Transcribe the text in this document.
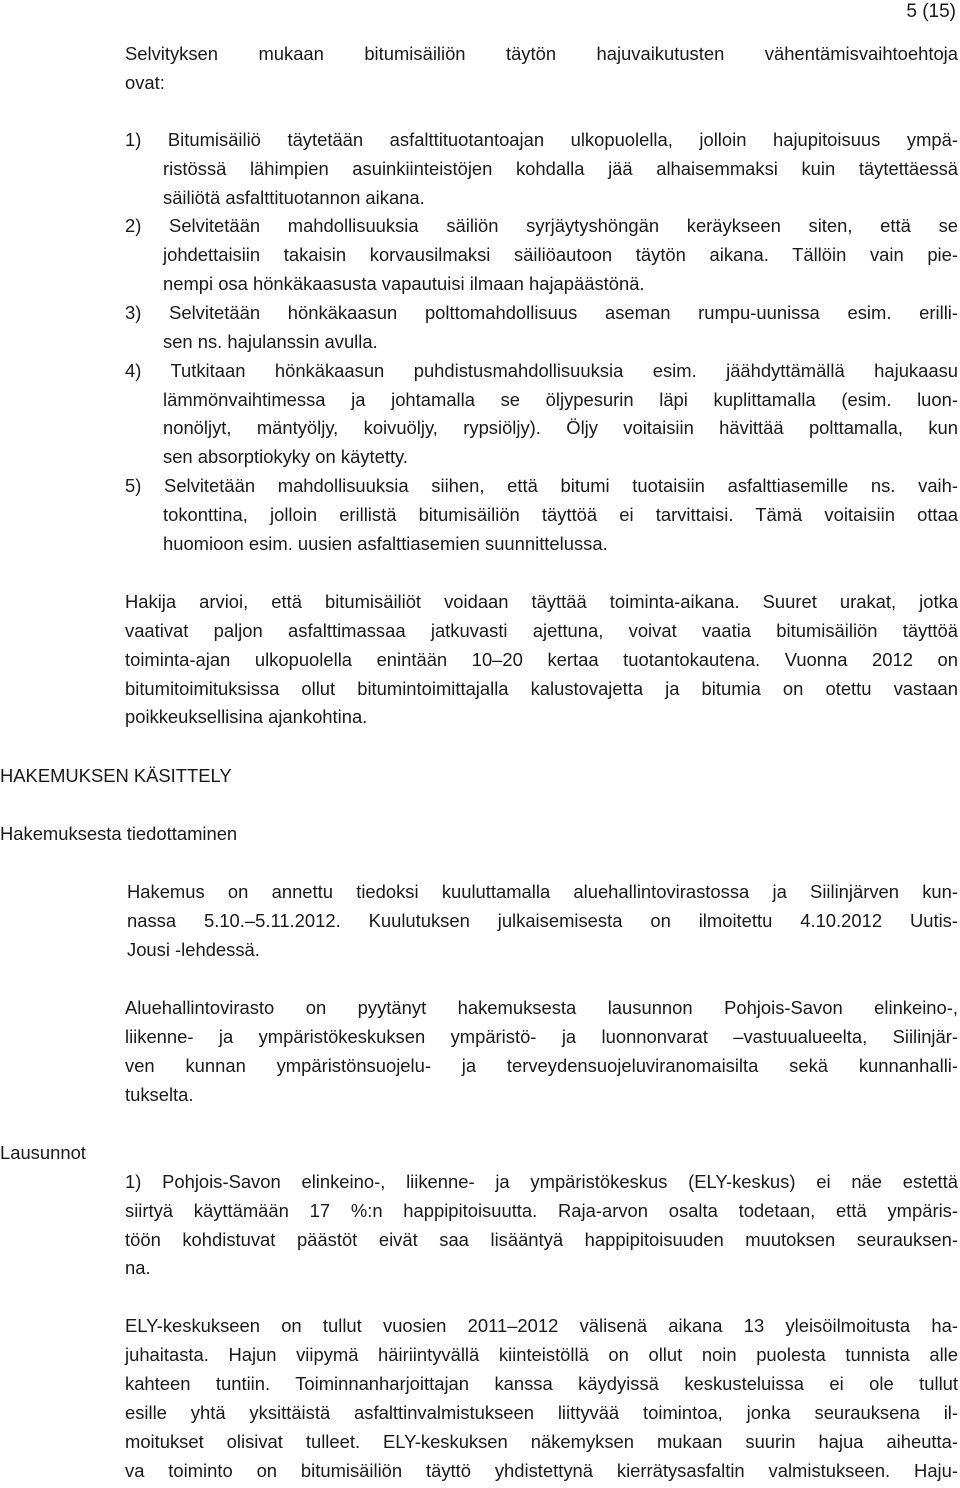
5 (15)
Selvityksen mukaan bitumisäiliön täytön hajuvaikutusten vähentämisvaihtoehtoja
ovat:
1) Bitumisäiliö täytetään asfalttituotantoajan ulkopuolella, jolloin hajupitoisuus ympä-
ristössä lähimpien asuinkiinteistöjen kohdalla jää alhaisemmaksi kuin täytettäessä
säiliötä asfalttituotannon aikana.
2) Selvitetään mahdollisuuksia säiliön syrjäytyshöngän keräykseen siten, että se
johdettaisiin takaisin korvausilmaksi säiliöautoon täytön aikana. Tällöin vain pie-
nempi osa hönkäkaasusta vapautuisi ilmaan hajapäästönä.
3) Selvitetään hönkäkaasun polttomahdollisuus aseman rumpu-uunissa esim. erilli-
sen ns. hajulanssin avulla.
4) Tutkitaan hönkäkaasun puhdistusmahdollisuuksia esim. jäähdyttämällä hajukaasu
lämmönvaihtimessa ja johtamalla se öljypesurin läpi kuplittamalla (esim. luon-
nonöljyt, mäntyöljy, koivuöljy, rypsiöljy). Öljy voitaisiin hävittää polttamalla, kun
sen absorptiokyky on käytetty.
5) Selvitetään mahdollisuuksia siihen, että bitumi tuotaisiin asfalttiasemille ns. vaih-
tokonttina, jolloin erillistä bitumisäiliön täyttöä ei tarvittaisi. Tämä voitaisiin ottaa
huomioon esim. uusien asfalttiasemien suunnittelussa.
Hakija arvioi, että bitumisäiliöt voidaan täyttää toiminta-aikana. Suuret urakat, jotka
vaativat paljon asfalttimassaa jatkuvasti ajettuna, voivat vaatia bitumisäiliön täyttöä
toiminta-ajan ulkopuolella enintään 10–20 kertaa tuotantokautena. Vuonna 2012 on
bitumitoimituksissa ollut bitumintoimittajalla kalustovajetta ja bitumia on otettu vastaan
poikkeuksellisina ajankohtina.
HAKEMUKSEN KÄSITTELY
Hakemuksesta tiedottaminen
Hakemus on annettu tiedoksi kuuluttamalla aluehallintovirastossa ja Siilinjärven kun-
nassa 5.10.–5.11.2012. Kuulutuksen julkaisemisesta on ilmoitettu 4.10.2012 Uutis-
Jousi -lehdessä.
Aluehallintovirasto on pyytänyt hakemuksesta lausunnon Pohjois-Savon elinkeino-,
liikenne- ja ympäristökeskuksen ympäristö- ja luonnonvarat –vastuualueelta, Siilinjär-
ven kunnan ympäristönsuojelu- ja terveydensuojeluviranomaisilta sekä kunnanhalli-
tukselta.
Lausunnot
1) Pohjois-Savon elinkeino-, liikenne- ja ympäristökeskus (ELY-keskus) ei näe estettä
siirtyä käyttämään 17 %:n happipitoisuutta. Raja-arvon osalta todetaan, että ympäris-
töön kohdistuvat päästöt eivät saa lisääntyä happipitoisuuden muutoksen seurauksen-
na.
ELY-keskukseen on tullut vuosien 2011–2012 välisenä aikana 13 yleisöilmoitusta ha-
juhaitasta. Hajun viipymä häiriintyvällä kiinteistöllä on ollut noin puolesta tunnista alle
kahteen tuntiin. Toiminnanharjoittajan kanssa käydyissä keskusteluissa ei ole tullut
esille yhtä yksittäistä asfalttinvalmistukseen liittyvää toimintoa, jonka seurauksena il-
moitukset olisivat tulleet. ELY-keskuksen näkemyksen mukaan suurin hajua aiheutta-
va toiminto on bitumisäiliön täyttö yhdistettynä kierrätysasfaltin valmistukseen. Haju-
